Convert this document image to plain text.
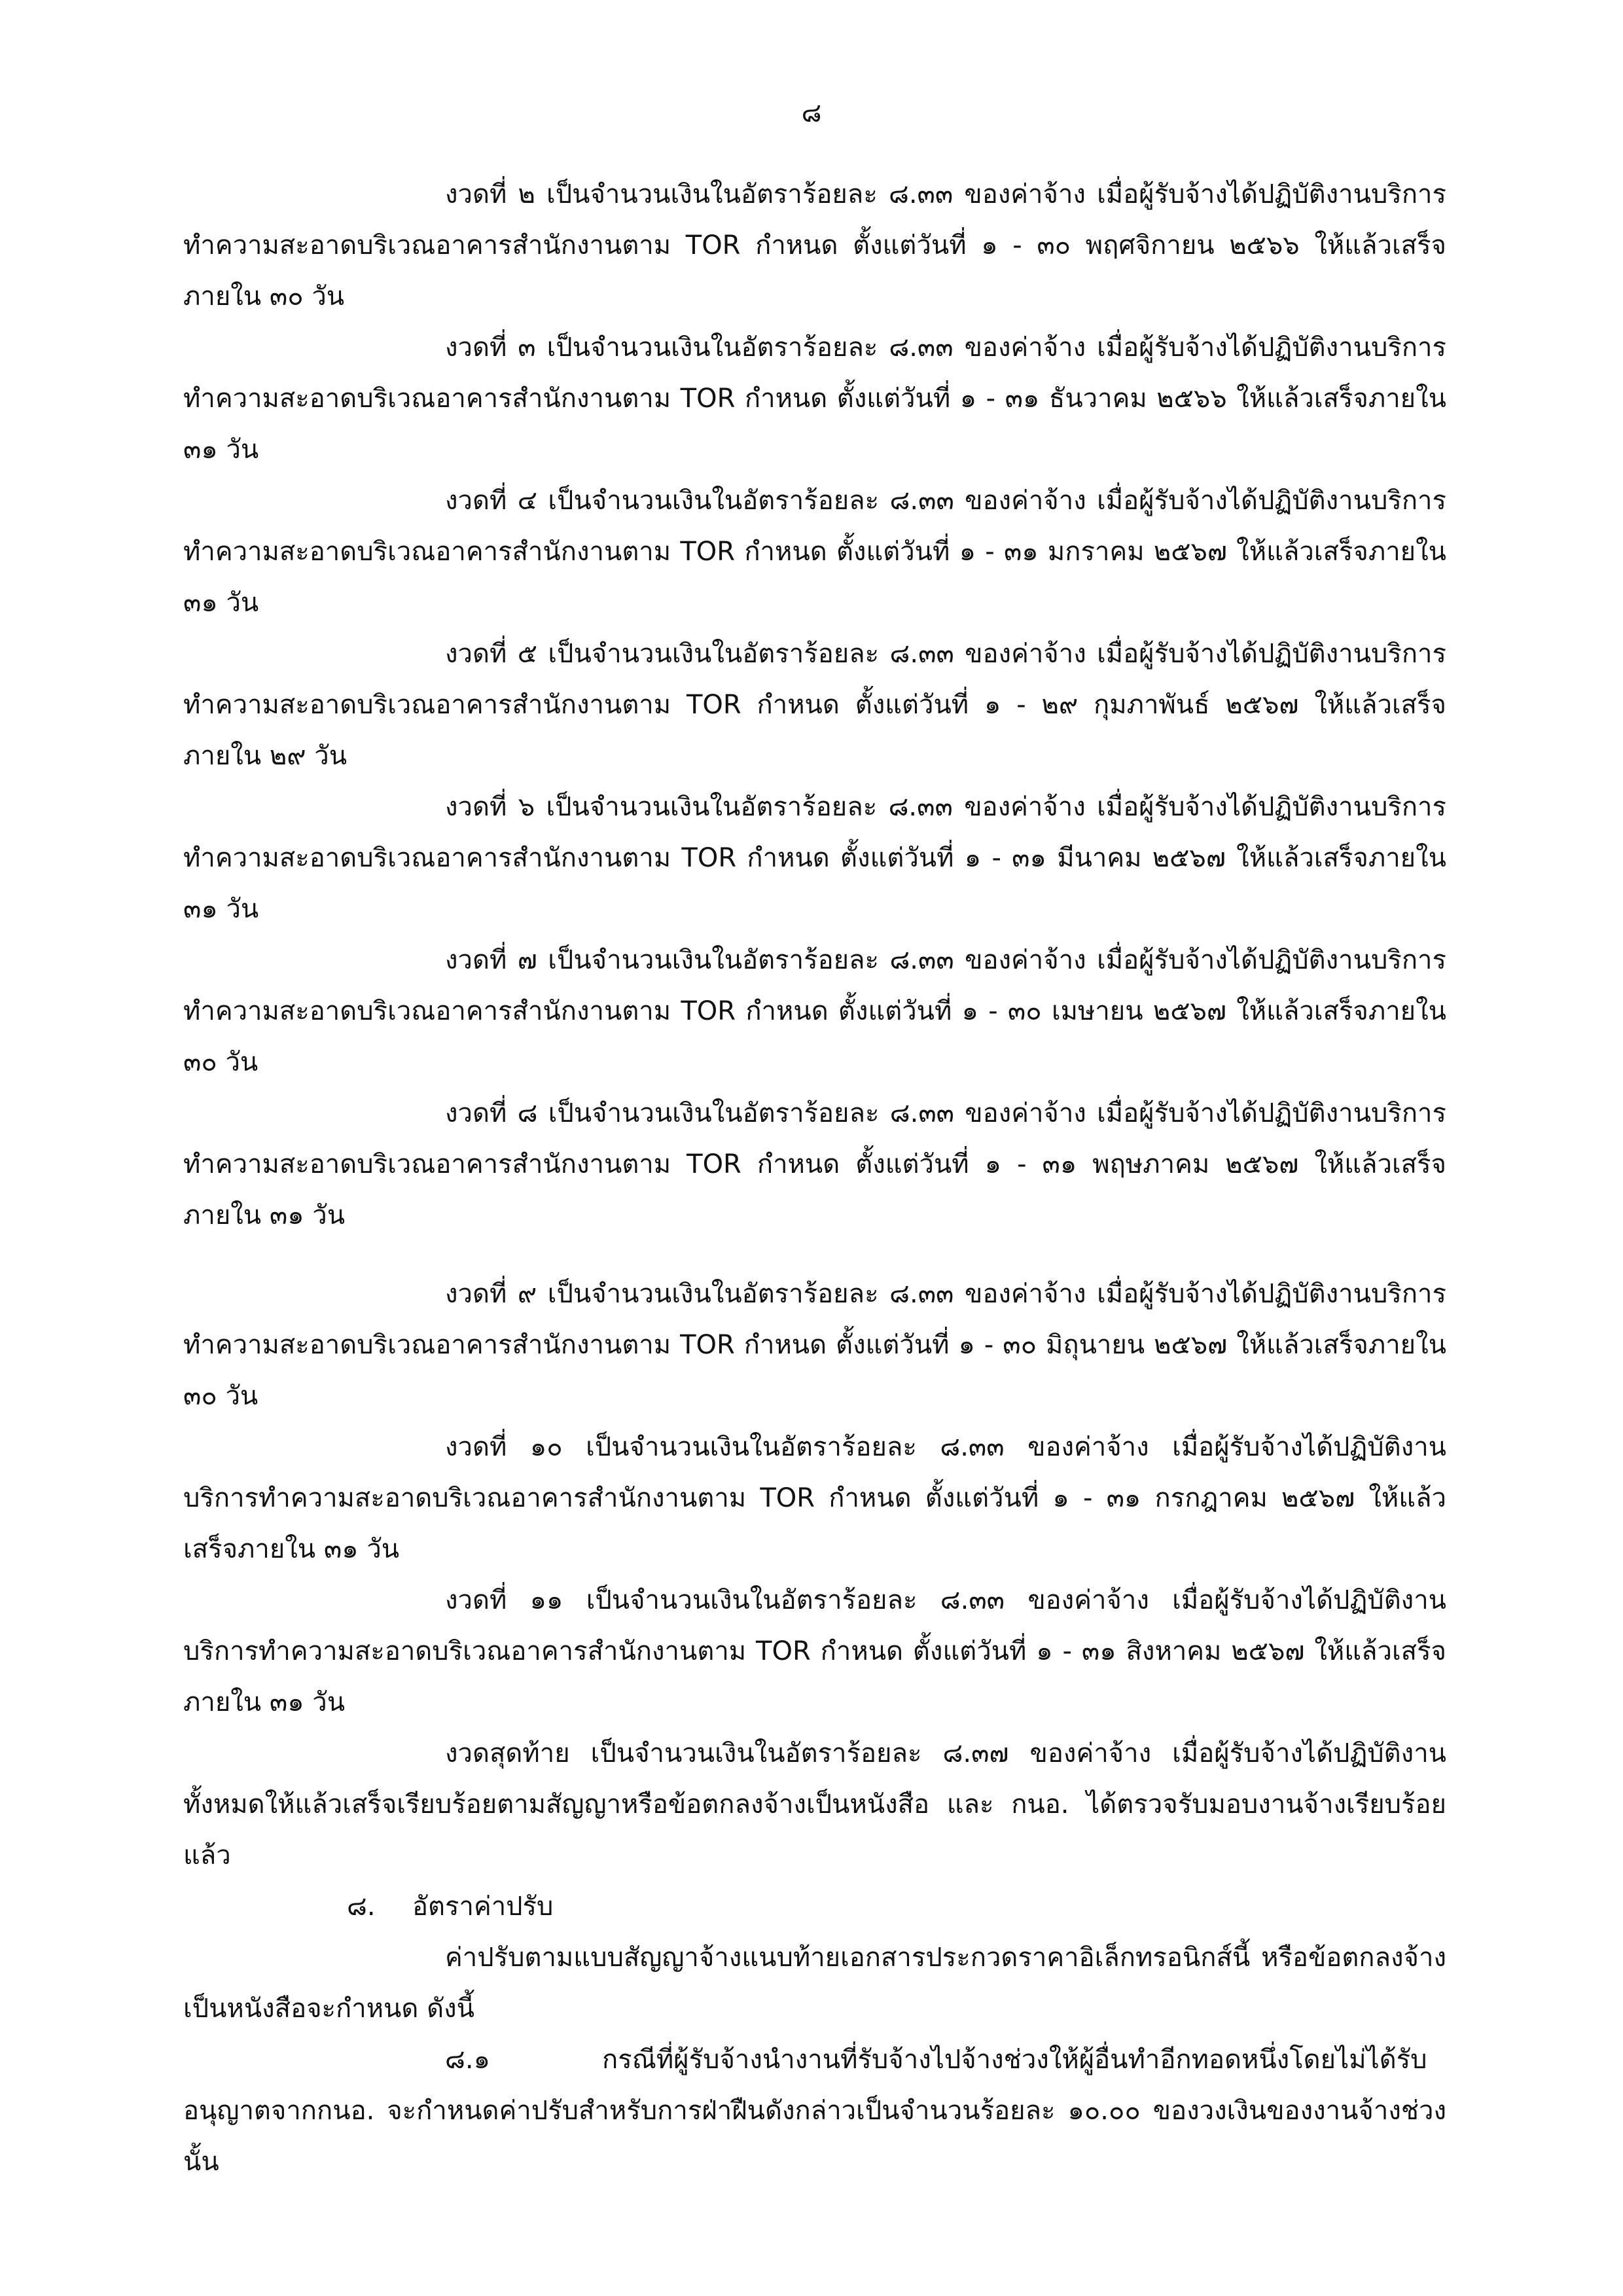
๘

งวดที่ ๒ เป็นจำนวนเงินในอัตราร้อยละ ๘.๓๓ ของค่าจ้าง เมื่อผู้รับจ้างได้ปฏิบัติงานบริการทำความสะอาดบริเวณอาคารสำนักงานตาม TOR กำหนด ตั้งแต่วันที่ ๑ - ๓๐ พฤศจิกายน ๒๕๖๖ ให้แล้วเสร็จภายใน ๓๐ วัน

งวดที่ ๓ เป็นจำนวนเงินในอัตราร้อยละ ๘.๓๓ ของค่าจ้าง เมื่อผู้รับจ้างได้ปฏิบัติงานบริการทำความสะอาดบริเวณอาคารสำนักงานตาม TOR กำหนด ตั้งแต่วันที่ ๑ - ๓๑ ธันวาคม ๒๕๖๖ ให้แล้วเสร็จภายใน ๓๑ วัน

งวดที่ ๔ เป็นจำนวนเงินในอัตราร้อยละ ๘.๓๓ ของค่าจ้าง เมื่อผู้รับจ้างได้ปฏิบัติงานบริการทำความสะอาดบริเวณอาคารสำนักงานตาม TOR กำหนด ตั้งแต่วันที่ ๑ - ๓๑ มกราคม ๒๕๖๗ ให้แล้วเสร็จภายใน ๓๑ วัน

งวดที่ ๕ เป็นจำนวนเงินในอัตราร้อยละ ๘.๓๓ ของค่าจ้าง เมื่อผู้รับจ้างได้ปฏิบัติงานบริการทำความสะอาดบริเวณอาคารสำนักงานตาม TOR กำหนด ตั้งแต่วันที่ ๑ - ๒๙ กุมภาพันธ์ ๒๕๖๗ ให้แล้วเสร็จภายใน ๒๙ วัน

งวดที่ ๖ เป็นจำนวนเงินในอัตราร้อยละ ๘.๓๓ ของค่าจ้าง เมื่อผู้รับจ้างได้ปฏิบัติงานบริการทำความสะอาดบริเวณอาคารสำนักงานตาม TOR กำหนด ตั้งแต่วันที่ ๑ - ๓๑ มีนาคม ๒๕๖๗ ให้แล้วเสร็จภายใน ๓๑ วัน

งวดที่ ๗ เป็นจำนวนเงินในอัตราร้อยละ ๘.๓๓ ของค่าจ้าง เมื่อผู้รับจ้างได้ปฏิบัติงานบริการทำความสะอาดบริเวณอาคารสำนักงานตาม TOR กำหนด ตั้งแต่วันที่ ๑ - ๓๐ เมษายน ๒๕๖๗ ให้แล้วเสร็จภายใน ๓๐ วัน

งวดที่ ๘ เป็นจำนวนเงินในอัตราร้อยละ ๘.๓๓ ของค่าจ้าง เมื่อผู้รับจ้างได้ปฏิบัติงานบริการทำความสะอาดบริเวณอาคารสำนักงานตาม TOR กำหนด ตั้งแต่วันที่ ๑ - ๓๑ พฤษภาคม ๒๕๖๗ ให้แล้วเสร็จภายใน ๓๑ วัน

งวดที่ ๙ เป็นจำนวนเงินในอัตราร้อยละ ๘.๓๓ ของค่าจ้าง เมื่อผู้รับจ้างได้ปฏิบัติงานบริการทำความสะอาดบริเวณอาคารสำนักงานตาม TOR กำหนด ตั้งแต่วันที่ ๑ - ๓๐ มิถุนายน ๒๕๖๗ ให้แล้วเสร็จภายใน ๓๐ วัน

งวดที่ ๑๐ เป็นจำนวนเงินในอัตราร้อยละ ๘.๓๓ ของค่าจ้าง เมื่อผู้รับจ้างได้ปฏิบัติงานบริการทำความสะอาดบริเวณอาคารสำนักงานตาม TOR กำหนด ตั้งแต่วันที่ ๑ - ๓๑ กรกฎาคม ๒๕๖๗ ให้แล้วเสร็จภายใน ๓๑ วัน

งวดที่ ๑๑ เป็นจำนวนเงินในอัตราร้อยละ ๘.๓๓ ของค่าจ้าง เมื่อผู้รับจ้างได้ปฏิบัติงานบริการทำความสะอาดบริเวณอาคารสำนักงานตาม TOR กำหนด ตั้งแต่วันที่ ๑ - ๓๑ สิงหาคม ๒๕๖๗ ให้แล้วเสร็จภายใน ๓๑ วัน

งวดสุดท้าย เป็นจำนวนเงินในอัตราร้อยละ ๘.๓๗ ของค่าจ้าง เมื่อผู้รับจ้างได้ปฏิบัติงานทั้งหมดให้แล้วเสร็จเรียบร้อยตามสัญญาหรือข้อตกลงจ้างเป็นหนังสือ และ กนอ. ได้ตรวจรับมอบงานจ้างเรียบร้อยแล้ว

๘. อัตราค่าปรับ

ค่าปรับตามแบบสัญญาจ้างแนบท้ายเอกสารประกวดราคาอิเล็กทรอนิกส์นี้ หรือข้อตกลงจ้างเป็นหนังสือจะกำหนด ดังนี้

๘.๑	กรณีที่ผู้รับจ้างนำงานที่รับจ้างไปจ้างช่วงให้ผู้อื่นทำอีกทอดหนึ่งโดยไม่ได้รับอนุญาตจากกนอ. จะกำหนดค่าปรับสำหรับการฝ่าฝืนดังกล่าวเป็นจำนวนร้อยละ ๑๐.๐๐ ของวงเงินของงานจ้างช่วงนั้น
